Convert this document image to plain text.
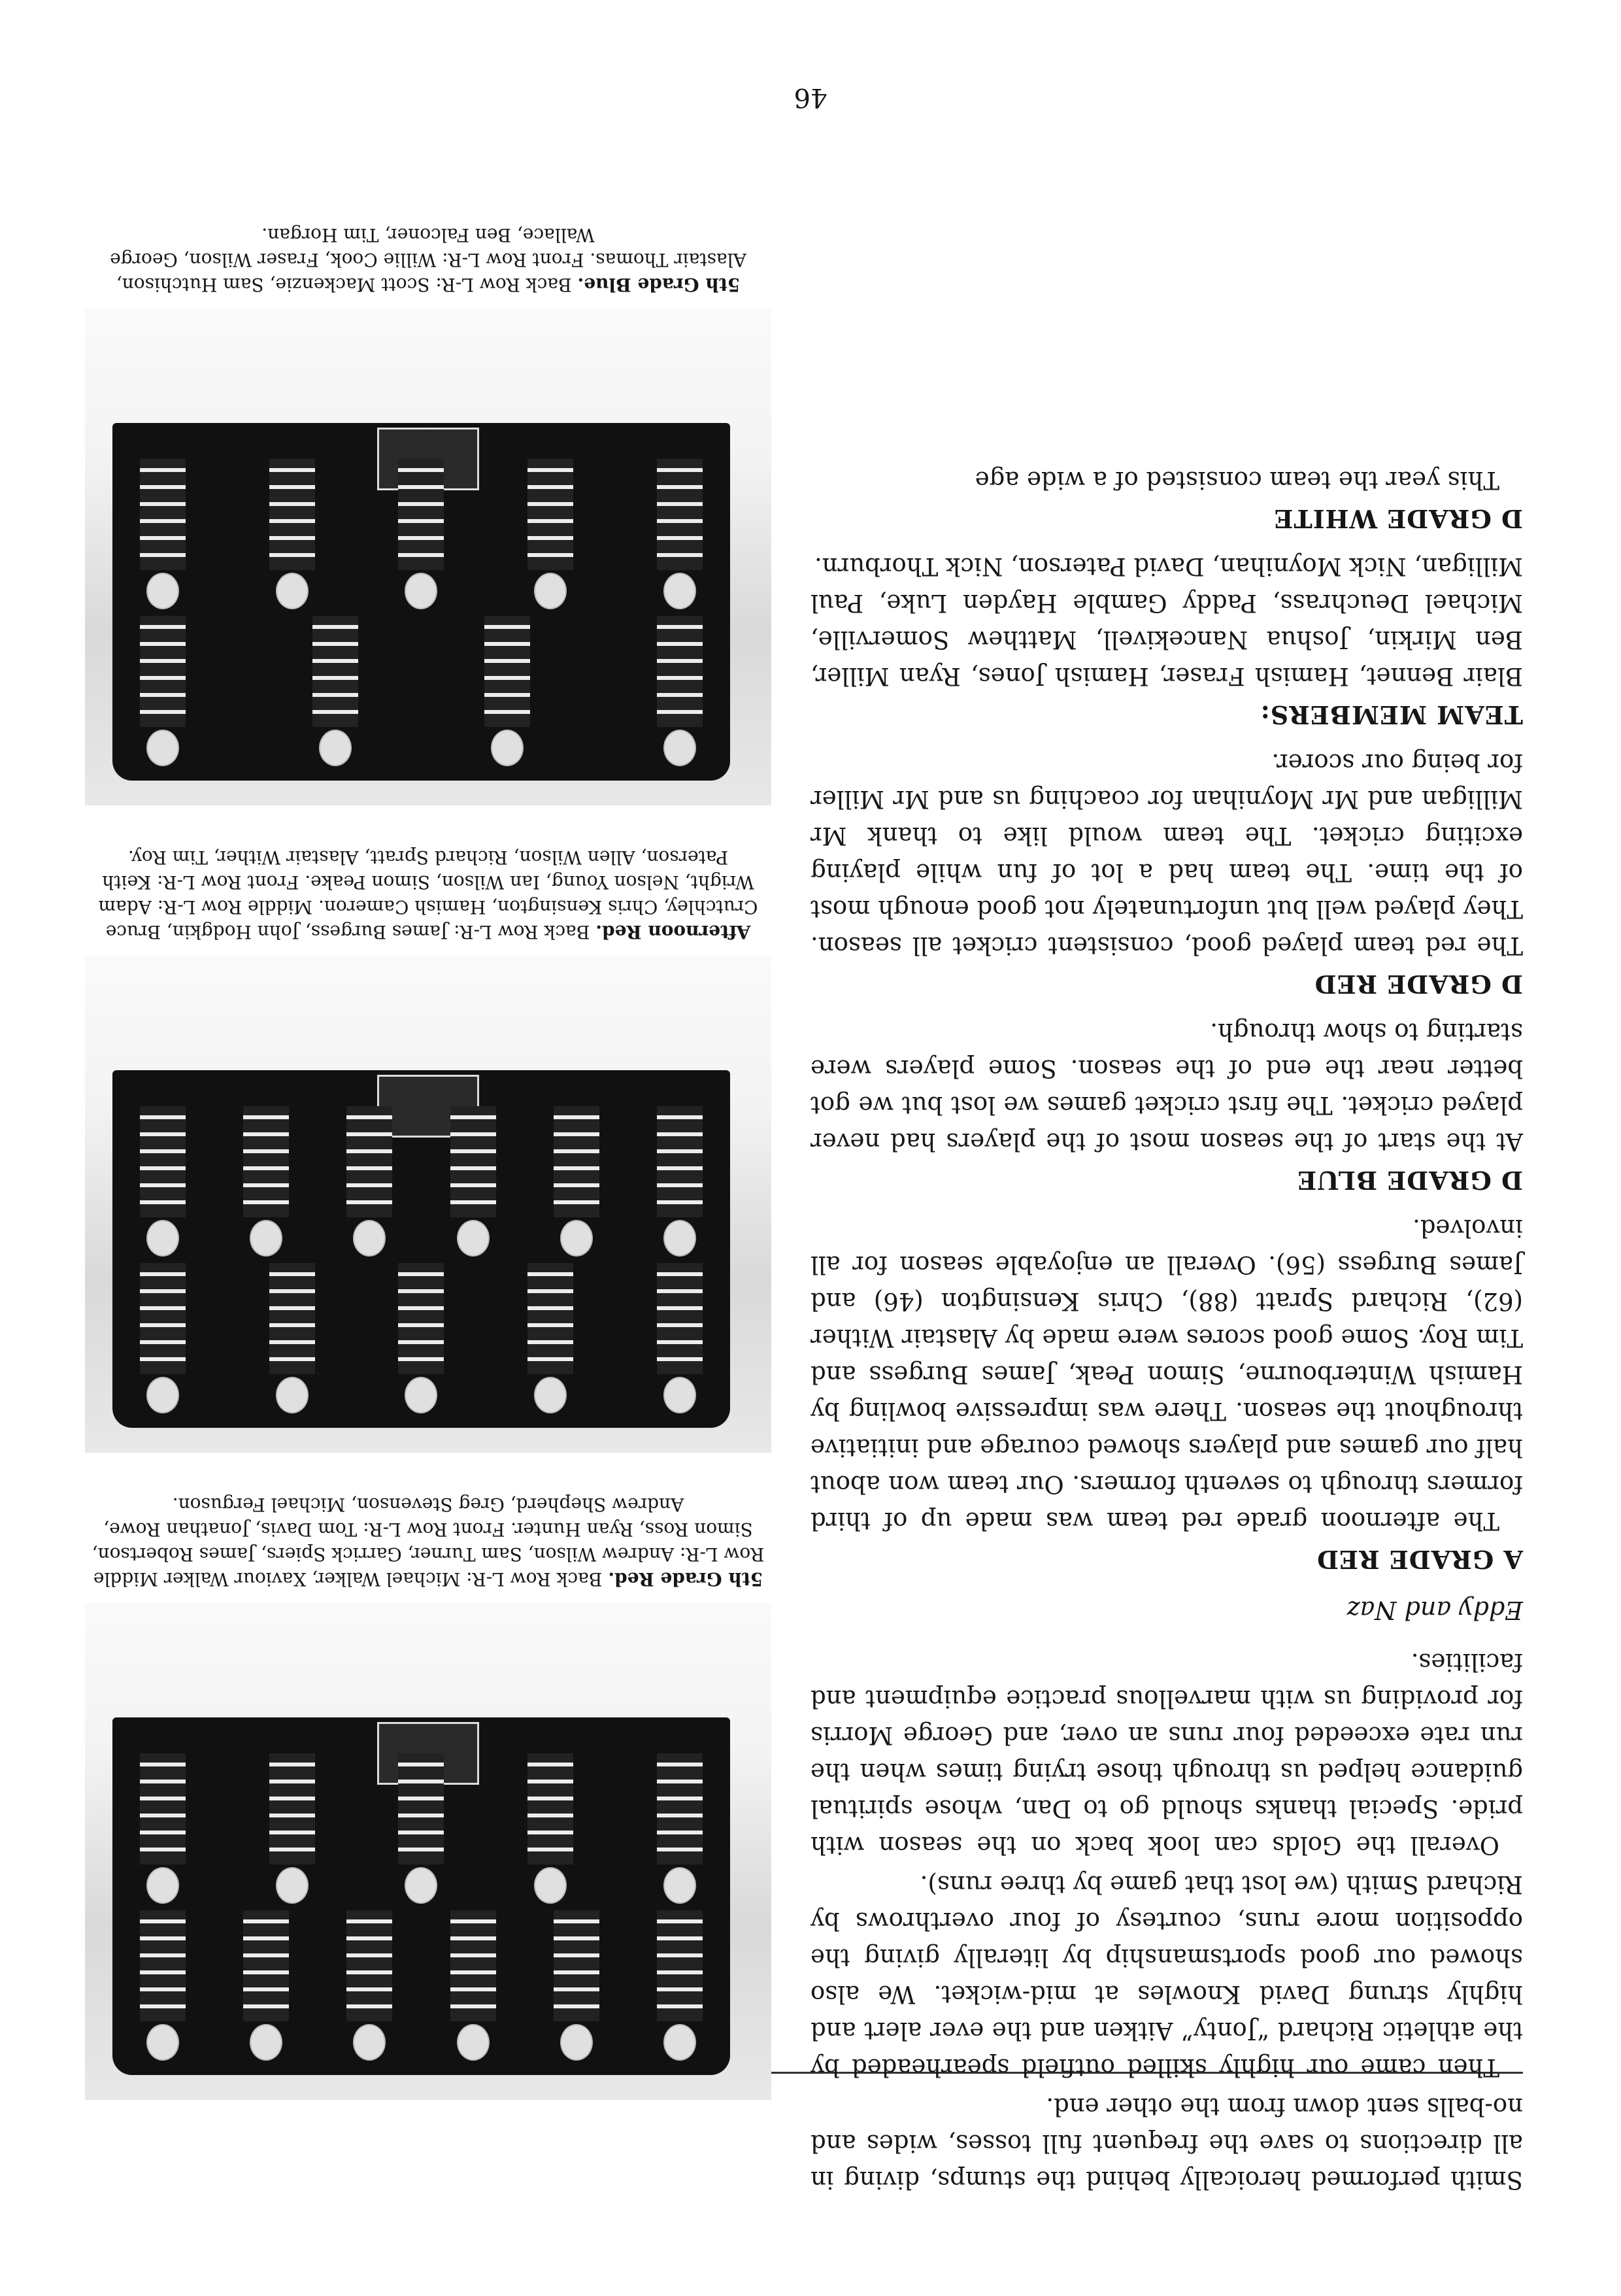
Smith performed heroically behind the stumps, diving in all directions to save the frequent full tosses, wides and no-balls sent down from the other end.

Then came our highly skilled outfield spearheaded by the athletic Richard “Jonty” Aitken and the ever alert and highly strung David Knowles at mid-wicket. We also showed our good sportsmanship by literally giving the opposition more runs, courtesy of four overthrows by Richard Smith (we lost that game by three runs).

Overall the Golds can look back on the season with pride. Special thanks should go to Dan, whose spiritual guidance helped us through those trying times when the run rate exceeded four runs an over, and George Morris for providing us with marvellous practice equipment and facilities.

Eddy and Naz

A GRADE RED

The afternoon grade red team was made up of third formers through to seventh formers. Our team won about half our games and players showed courage and initiative throughout the season. There was impressive bowling by Hamish Winterbourne, Simon Peak, James Burgess and Tim Roy. Some good scores were made by Alastair Wither (62), Richard Spratt (88), Chris Kensington (46) and James Burgess (56). Overall an enjoyable season for all involved.

D GRADE BLUE

At the start of the season most of the players had never played cricket. The first cricket games we lost but we got better near the end of the season. Some players were starting to show through.

D GRADE RED

The red team played good, consistent cricket all season. They played well but unfortunately not good enough most of the time. The team had a lot of fun while playing exciting cricket. The team would like to thank Mr Milligan and Mr Moynihan for coaching us and Mr Miller for being our scorer.

TEAM MEMBERS:

Blair Bennet, Hamish Fraser, Hamish Jones, Ryan Miller, Ben Mirkin, Joshua Nancekivell, Matthew Somerville, Michael Deuchrass, Paddy Gamble Hayden Luke, Paul Milligan, Nick Moynihan, David Paterson, Nick Thorburn.

D GRADE WHITE

This year the team consisted of a wide age

5th Grade Red. Back Row L-R: Michael Walker, Xaviour Walker Middle Row L-R: Andrew Wilson, Sam Turner, Garrick Spiers, James Robertson, Simon Ross, Ryan Hunter. Front Row L-R: Tom Davis, Jonathan Rowe, Andrew Shepherd, Greg Stevenson, Michael Ferguson.

Afternoon Red. Back Row L-R: James Burgess, John Hodgkin, Bruce Crutchley, Chris Kensington, Hamish Cameron. Middle Row L-R: Adam Wright, Nelson Young, Ian Wilson, Simon Peake. Front Row L-R: Keith Paterson, Allen Wilson, Richard Spratt, Alastair Wither, Tim Roy.

5th Grade Blue. Back Row L-R: Scott Mackenzie, Sam Hutchison, Alastair Thomas. Front Row L-R: Willie Cook, Fraser Wilson, George Wallace, Ben Falconer, Tim Horgan.

46
